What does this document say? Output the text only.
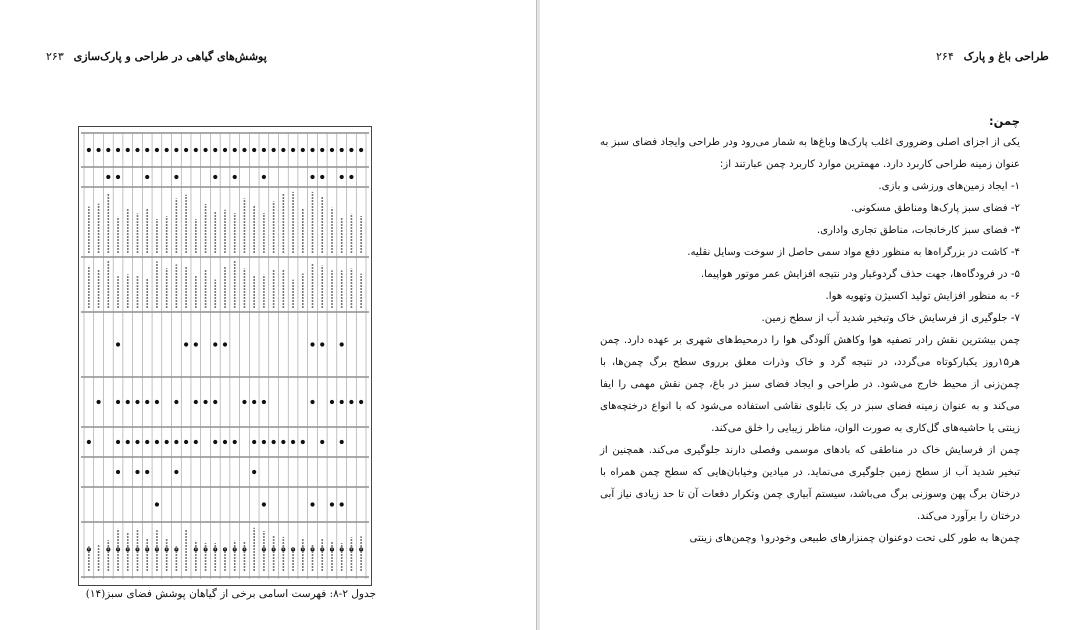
۲۶۳ پوشش‌های گیاهی در طراحی و پارک‌سازی
جدول ۲-۸: فهرست اسامی برخی از گیاهان پوشش فضای سبز(۱۴)
۲۶۴ طراحی باغ و پارک
چمن:

یکی از اجزای اصلی وضروری اغلب پارک‌ها وباغ‌ها به شمار می‌رود ودر طراحی وایجاد فضای سبز به عنوان زمینه طراحی کاربرد دارد. مهمترین موارد کاربرد چمن عبارتند از:

۱- ایجاد زمین‌های ورزشی و بازی.

۲- فضای سبز پارک‌ها ومناطق مسکونی.

۳- فضای سبز کارخانجات، مناطق تجاری واداری.

۴- کاشت در بزرگراه‌ها به منظور دفع مواد سمی حاصل از سوخت وسایل نقلیه.

۵- در فرودگاه‌ها، جهت حذف گردوغبار ودر نتیجه افزایش عمر موتور هواپیما.

۶- به منظور افزایش تولید اکسیژن وتهویه هوا.

۷- جلوگیری از فرسایش خاک وتبخیر شدید آب از سطح زمین.

چمن بیشترین نقش رادر تصفیه هوا وکاهش آلودگی هوا را درمحیط‌های شهری بر عهده دارد. چمن هر۱۵روز یکبارکوتاه می‌گردد، در نتیجه گرد و خاک وذرات معلق برروی سطح برگ چمن‌ها، با چمن‌زنی از محیط خارج می‌شود. در طراحی و ایجاد فضای سبز در باغ، چمن نقش مهمی را ایفا می‌کند و به عنوان زمینه فضای سبز در یک تابلوی نقاشی استفاده می‌شود که با انواع درختچه‌های زینتی یا حاشیه‌های گل‌کاری به صورت الوان، مناظر زیبایی را خلق می‌کند.

چمن از فرسایش خاک در مناطقی که بادهای موسمی وفصلی دارند جلوگیری می‌کند. همچنین از تبخیر شدید آب از سطح زمین جلوگیری می‌نماید. در میادین وخیابان‌هایی که سطح چمن همراه با درختان برگ پهن وسوزنی برگ می‌باشد، سیستم آبیاری چمن وتکرار دفعات آن تا حد زیادی نیاز آبی درختان را برآورد می‌کند.

چمن‌ها به طور کلی تحت دوعنوان چمنزارهای طبیعی وخودرو۱ وچمن‌های زینتی
